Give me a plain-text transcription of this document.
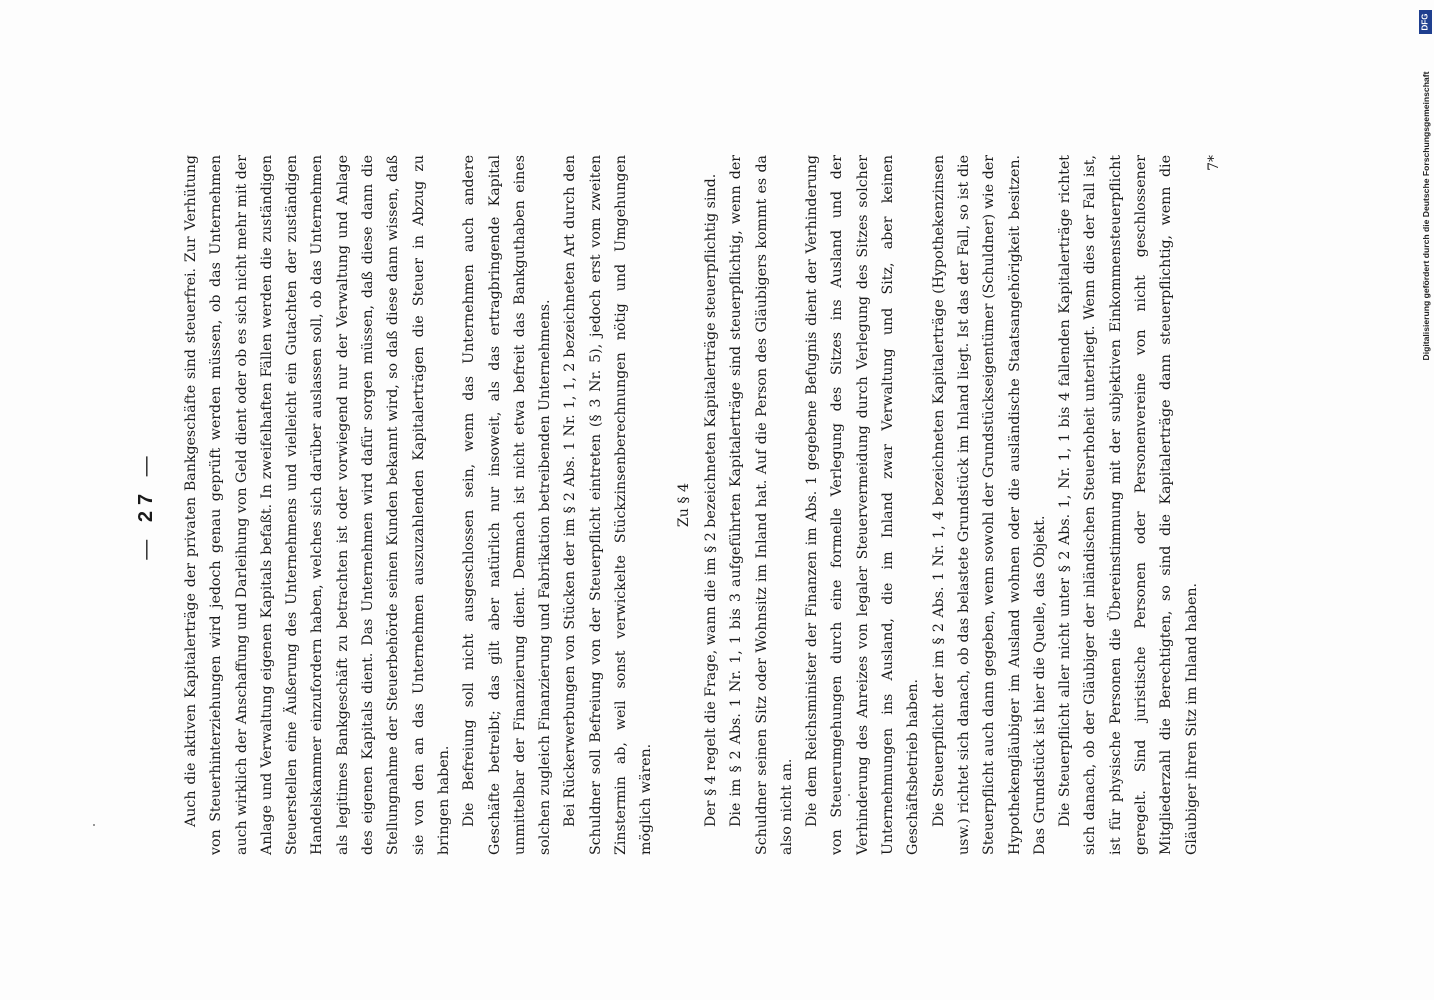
— 27 — Auch die aktiven Kapitalerträge der privaten Bankgeschäfte sind steuerfrei. Zur Verhütung von Steuerhinterziehungen wird jedoch genau geprüft werden müssen, ob das Unternehmen auch wirklich der Anschaffung und Darleihung von Geld dient oder ob es sich nicht mehr mit der Anlage und Verwaltung eigenen Kapitals befaßt. In zweifelhaften Fällen werden die zuständigen Steuerstellen eine Äußerung des Unternehmens und vielleicht ein Gutachten der zuständigen Handelskammer einzufordern haben, welches sich darüber auslassen soll, ob das Unternehmen als legitimes Bankgeschäft zu betrachten ist oder vorwiegend nur der Verwaltung und Anlage des eigenen Kapitals dient. Das Unternehmen wird dafür sorgen müssen, daß diese dann die Stellungnahme der Steuerbehörde seinen Kunden bekannt wird, so daß diese dann wissen, daß sie von den an das Unternehmen auszuzahlenden Kapitalerträgen die Steuer in Abzug zu bringen haben. Die Befreiung soll nicht ausgeschlossen sein, wenn das Unternehmen auch andere Geschäfte betreibt; das gilt aber natürlich nur insoweit, als das ertragbringende Kapital unmittelbar der Finanzierung dient. Demnach ist nicht etwa befreit das Bankguthaben eines solchen zugleich Finanzierung und Fabrikation betreibenden Unternehmens. Bei Rückerwerbungen von Stücken der im § 2 Abs. 1 Nr. 1, 1, 2 bezeichneten Art durch den Schuldner soll Befreiung von der Steuerpflicht eintreten (§ 3 Nr. 5), jedoch erst vom zweiten Zinstermin ab, weil sonst verwickelte Stückzinsenberechnungen nötig und Umgehungen möglich wären.

Zu § 4 Der § 4 regelt die Frage, wann die im § 2 bezeichneten Kapitalerträge steuerpflichtig sind. Die im § 2 Abs. 1 Nr. 1, 1 bis 3 aufgeführten Kapitalerträge sind steuerpflichtig, wenn der Schuldner seinen Sitz oder Wohnsitz im Inland hat. Auf die Person des Gläubigers kommt es da also nicht an. Die dem Reichsminister der Finanzen im Abs. 1 gegebene Befugnis dient der Verhinderung von Steuerumgehungen durch eine formelle Verlegung des Sitzes ins Ausland und der Verhinderung des Anreizes von legaler Steuervermeidung durch Verlegung des Sitzes solcher Unternehmungen ins Ausland, die im Inland zwar Verwaltung und Sitz, aber keinen Geschäftsbetrieb haben. Die Steuerpflicht der im § 2 Abs. 1 Nr. 1, 4 bezeichneten Kapitalerträge (Hypothekenzinsen usw.) richtet sich danach, ob das belastete Grundstück im Inland liegt. Ist das der Fall, so ist die Steuerpflicht auch dann gegeben, wenn sowohl der Grundstückseigentümer (Schuldner) wie der Hypothekengläubiger im Ausland wohnen oder die ausländische Staatsangehörigkeit besitzen. Das Grundstück ist hier die Quelle, das Objekt. Die Steuerpflicht aller nicht unter § 2 Abs. 1, Nr. 1, 1 bis 4 fallenden Kapitalerträge richtet sich danach, ob der Gläubiger der inländischen Steuerhoheit unterliegt. Wenn dies der Fall ist, ist für physische Personen die Übereinstimmung mit der subjektiven Einkommensteuerpflicht geregelt. Sind juristische Personen oder Personenvereine von nicht geschlossener Mitgliederzahl die Berechtigten, so sind die Kapitalerträge dann steuerpflichtig, wenn die Gläubiger ihren Sitz im Inland haben.

7*

DFG
Digitalisierung gefördert durch die Deutsche Forschungsgemeinschaft
